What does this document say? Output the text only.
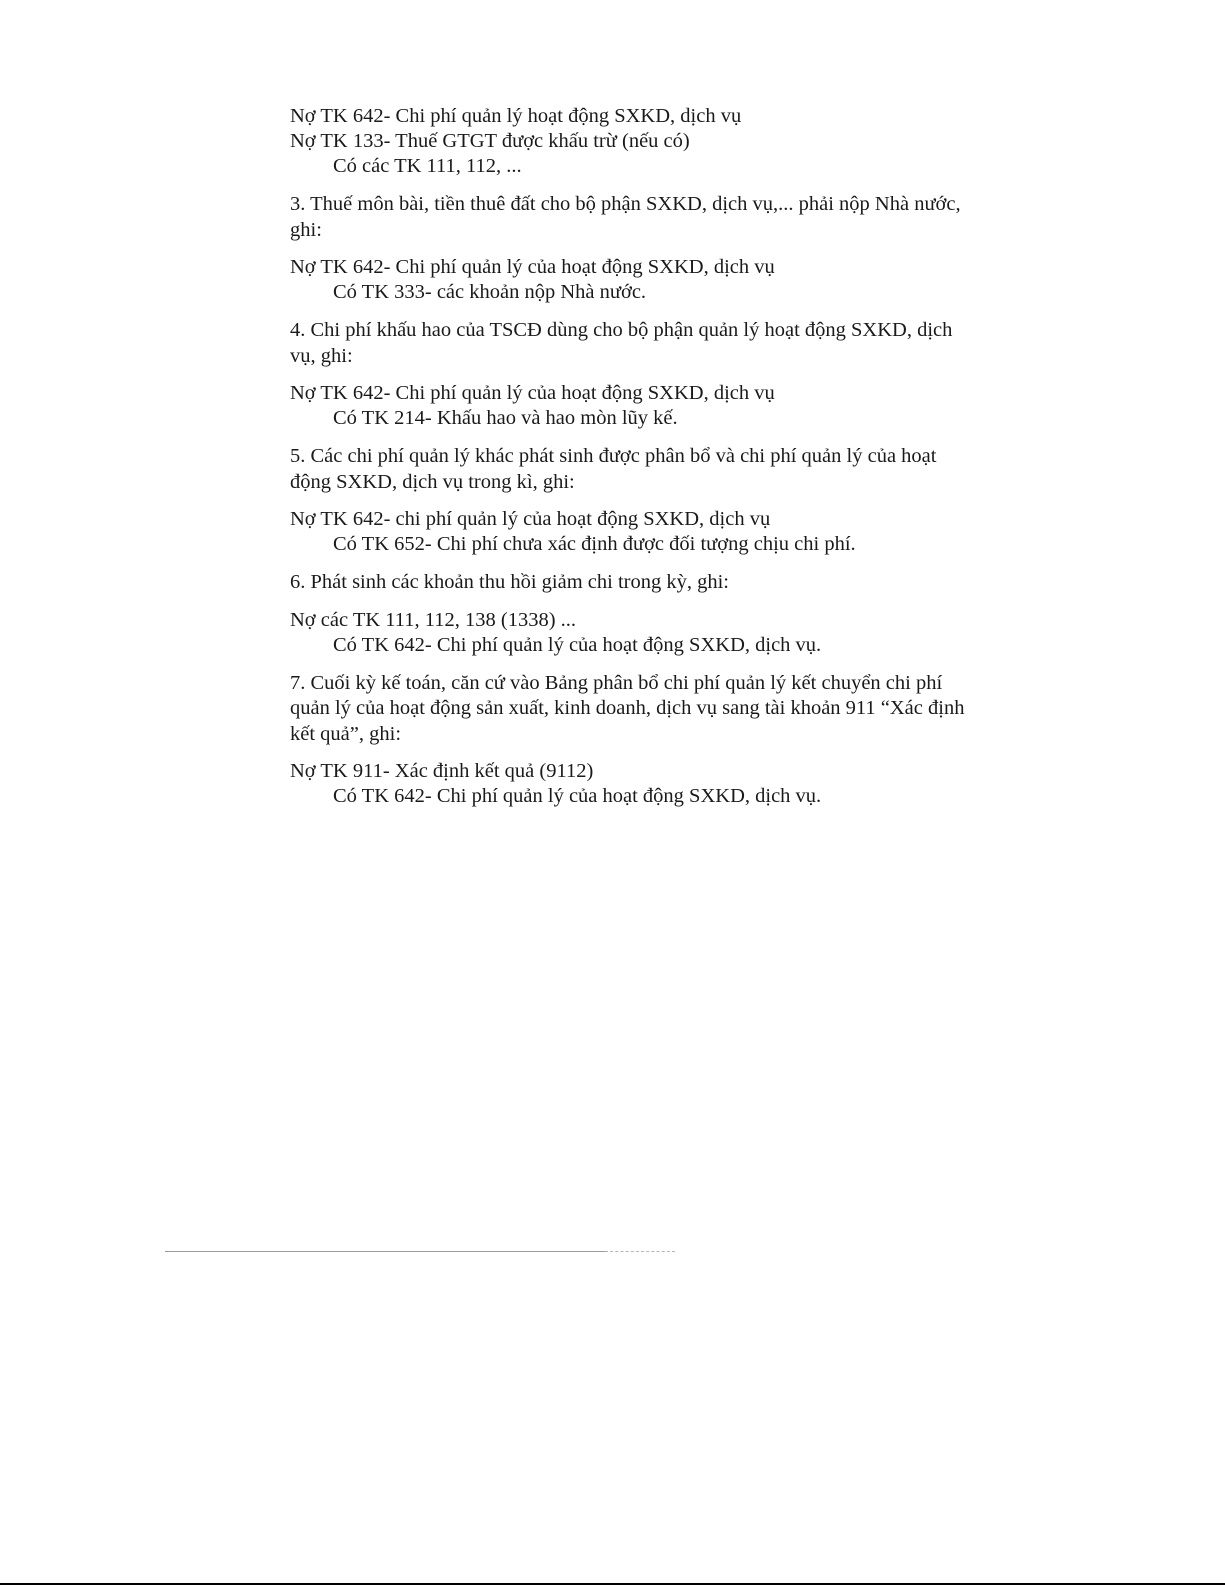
Nợ TK 642- Chi phí quản lý hoạt động SXKD, dịch vụ
Nợ TK 133- Thuế GTGT được khấu trừ (nếu có)
Có các TK 111, 112, ...
3. Thuế môn bài, tiền thuê đất cho bộ phận SXKD, dịch vụ,... phải nộp Nhà nước, ghi:
Nợ TK 642- Chi phí quản lý của hoạt động SXKD, dịch vụ
Có TK 333- các khoản nộp Nhà nước.
4. Chi phí khấu hao của TSCĐ dùng cho bộ phận quản lý hoạt động SXKD, dịch vụ, ghi:
Nợ TK 642- Chi phí quản lý của hoạt động SXKD, dịch vụ
Có TK 214- Khấu hao và hao mòn lũy kế.
5. Các chi phí quản lý khác phát sinh được phân bổ và chi phí quản lý của hoạt động SXKD, dịch vụ trong kì, ghi:
Nợ TK 642- chi phí quản lý của hoạt động SXKD, dịch vụ
Có TK 652- Chi phí chưa xác định được đối tượng chịu chi phí.
6. Phát sinh các khoản thu hồi giảm chi trong kỳ, ghi:
Nợ các TK 111, 112, 138 (1338) ...
Có TK 642- Chi phí quản lý của hoạt động SXKD, dịch vụ.
7. Cuối kỳ kế toán, căn cứ vào Bảng phân bổ chi phí quản lý kết chuyển chi phí quản lý của hoạt động sản xuất, kinh doanh, dịch vụ sang tài khoản 911 “Xác định kết quả”, ghi:
Nợ TK 911- Xác định kết quả (9112)
Có TK 642- Chi phí quản lý của hoạt động SXKD, dịch vụ.
